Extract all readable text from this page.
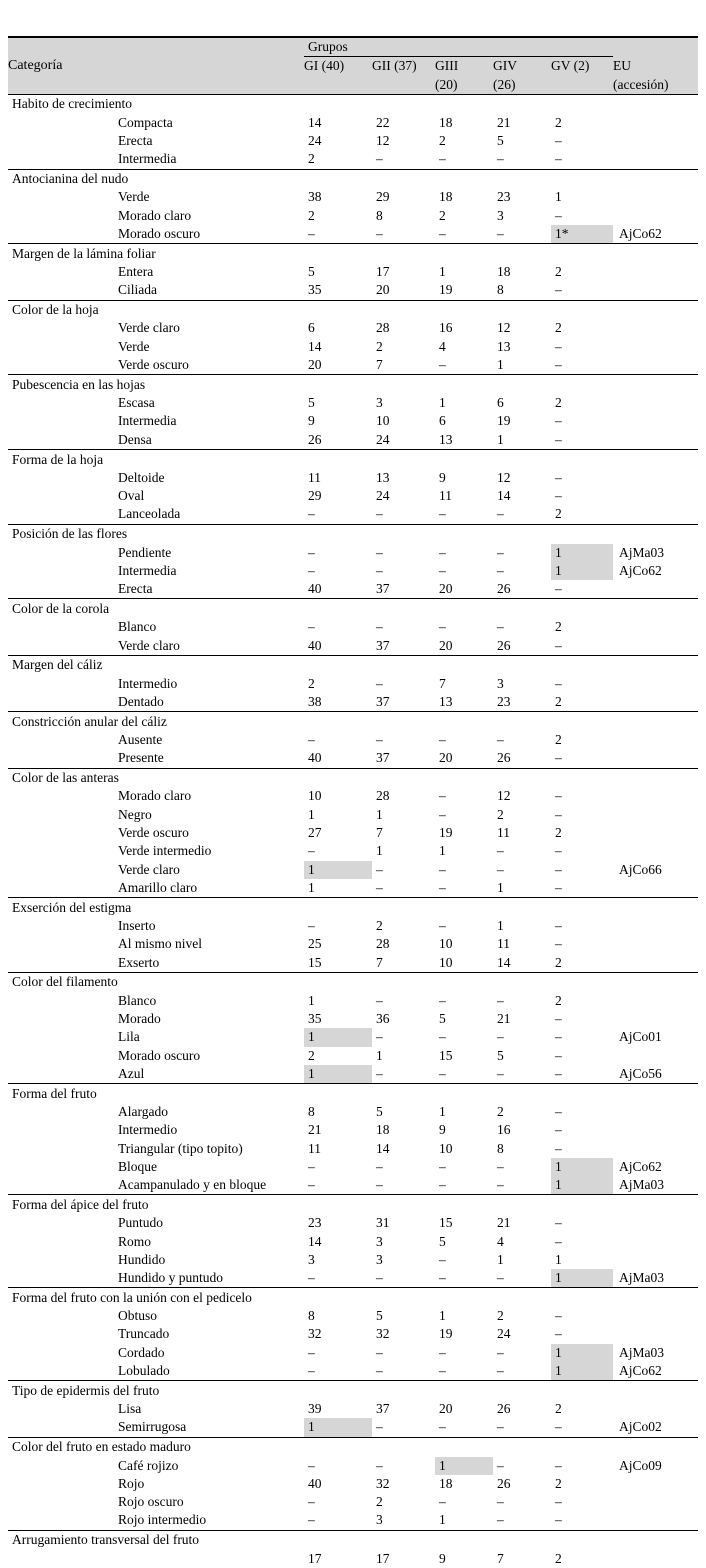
	Grupos					

Categoría	GI (40)	GII (37)	GIII	GIV	GV (2)	EU
			(20)	(26)		(accesión)
Habito de crecimiento						
Compacta	14	22	18	21	2	
Erecta	24	12	2	5	–	
Intermedia	2	–	–	–	–	
Antocianina del nudo						
Verde	38	29	18	23	1	
Morado claro	2	8	2	3	–	
Morado oscuro	–	–	–	–	1*	AjCo62
Margen de la lámina foliar						
Entera	5	17	1	18	2	
Ciliada	35	20	19	8	–	
Color de la hoja						
Verde claro	6	28	16	12	2	
Verde	14	2	4	13	–	
Verde oscuro	20	7	–	1	–	
Pubescencia en las hojas						
Escasa	5	3	1	6	2	
Intermedia	9	10	6	19	–	
Densa	26	24	13	1	–	
Forma de la hoja						
Deltoide	11	13	9	12	–	
Oval	29	24	11	14	–	
Lanceolada	–	–	–	–	2	
Posición de las flores						
Pendiente	–	–	–	–	1	AjMa03
Intermedia	–	–	–	–	1	AjCo62
Erecta	40	37	20	26	–	
Color de la corola						
Blanco	–	–	–	–	2	
Verde claro	40	37	20	26	–	
Margen del cáliz						
Intermedio	2	–	7	3	–	
Dentado	38	37	13	23	2	
Constricción anular del cáliz						
Ausente	–	–	–	–	2	
Presente	40	37	20	26	–	
Color de las anteras						
Morado claro	10	28	–	12	–	
Negro	1	1	–	2	–	
Verde oscuro	27	7	19	11	2	
Verde intermedio	–	1	1	–	–	
Verde claro	1	–	–	–	–	AjCo66
Amarillo claro	1	–	–	1	–	
Exserción del estigma						
Inserto	–	2	–	1	–	
Al mismo nivel	25	28	10	11	–	
Exserto	15	7	10	14	2	
Color del filamento						
Blanco	1	–	–	–	2	
Morado	35	36	5	21	–	
Lila	1	–	–	–	–	AjCo01
Morado oscuro	2	1	15	5	–	
Azul	1	–	–	–	–	AjCo56
Forma del fruto						
Alargado	8	5	1	2	–	
Intermedio	21	18	9	16	–	
Triangular (tipo topito)	11	14	10	8	–	
Bloque	–	–	–	–	1	AjCo62
Acampanulado y en bloque	–	–	–	–	1	AjMa03
Forma del ápice del fruto						
Puntudo	23	31	15	21	–	
Romo	14	3	5	4	–	
Hundido	3	3	–	1	1	
Hundido y puntudo	–	–	–	–	1	AjMa03
Forma del fruto con la unión con el pedicelo						
Obtuso	8	5	1	2	–	
Truncado	32	32	19	24	–	
Cordado	–	–	–	–	1	AjMa03
Lobulado	–	–	–	–	1	AjCo62
Tipo de epidermis del fruto						
Lisa	39	37	20	26	2	
Semirrugosa	1	–	–	–	–	AjCo02
Color del fruto en estado maduro						
Café rojizo	–	–	1	–	–	AjCo09
Rojo	40	32	18	26	2	
Rojo oscuro	–	2	–	–	–	
Rojo intermedio	–	3	1	–	–	
Arrugamiento transversal del fruto						
	17	17	9	7	2	
